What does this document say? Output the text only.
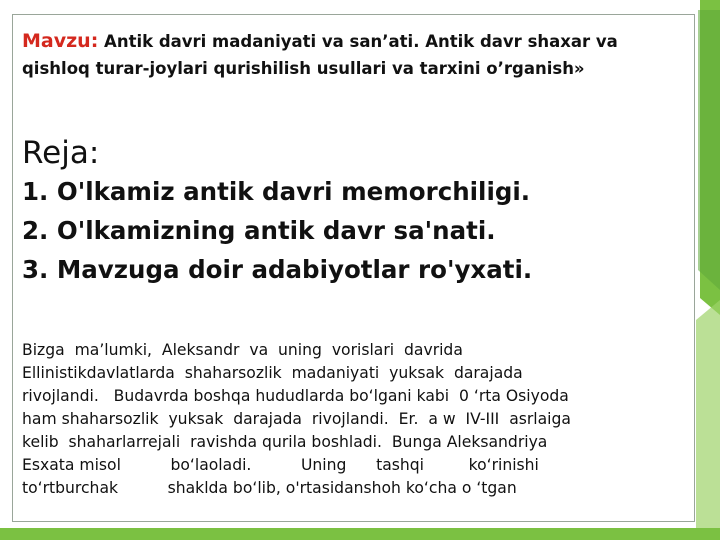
Mavzu: Antik davri madaniyati va san’ati. Antik davr shaxar va
qishloq turar-joylari qurishilish usullari va tarxini o’rganish»
Reja:
1. O'lkamiz antik davri memorchiligi.
2. O'lkamizning antik davr sa'nati.
3. Mavzuga doir adabiyotlar ro'yxati.
Bizga  ma’lumki,  Aleksandr  va  uning  vorislari  davrida
Ellinistikdavlatlarda  shaharsozlik  madaniyati  yuksak  darajada
rivojlandi.   Budavrda boshqa hududlarda bo‘lgani kabi  0 ‘rta Osiyoda
ham shaharsozlik  yuksak  darajada  rivojlandi.  Er.  a w  IV-III  asrlaiga
kelib  shaharlarrejali  ravishda qurila boshladi.  Bunga Aleksandriya
Esxata misol          bo‘laoladi.          Uning      tashqi         ko‘rinishi
to‘rtburchak          shaklda bo‘lib, o'rtasidanshoh ko‘cha o ‘tgan
